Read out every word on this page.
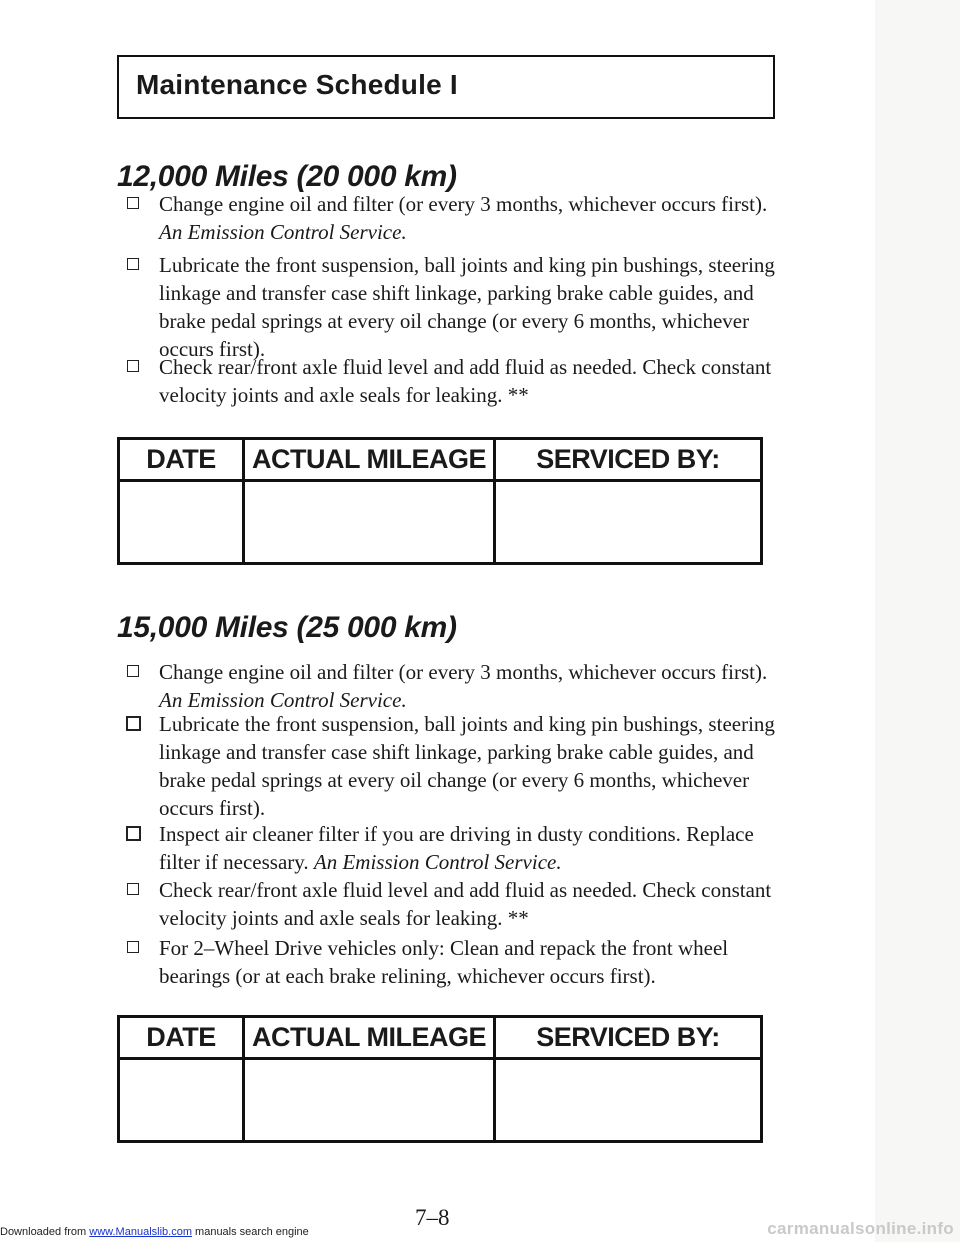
Maintenance Schedule I
12,000 Miles (20 000 km)
Change engine oil and filter (or every 3 months, whichever occurs first). An Emission Control Service.
Lubricate the front suspension, ball joints and king pin bushings, steering linkage and transfer case shift linkage, parking brake cable guides, and brake pedal springs at every oil change (or every 6 months, whichever occurs first).
Check rear/front axle fluid level and add fluid as needed. Check constant velocity joints and axle seals for leaking. **
DATE	ACTUAL MILEAGE	SERVICED BY:
15,000 Miles (25 000 km)
Change engine oil and filter (or every 3 months, whichever occurs first). An Emission Control Service.
Lubricate the front suspension, ball joints and king pin bushings, steering linkage and transfer case shift linkage, parking brake cable guides, and brake pedal springs at every oil change (or every 6 months, whichever occurs first).
Inspect air cleaner filter if you are driving in dusty conditions. Replace filter if necessary. An Emission Control Service.
Check rear/front axle fluid level and add fluid as needed. Check constant velocity joints and axle seals for leaking. **
For 2–Wheel Drive vehicles only: Clean and repack the front wheel bearings (or at each brake relining, whichever occurs first).
DATE	ACTUAL MILEAGE	SERVICED BY:
7–8
Downloaded from www.Manualslib.com manuals search engine	carmanualsonline.info
